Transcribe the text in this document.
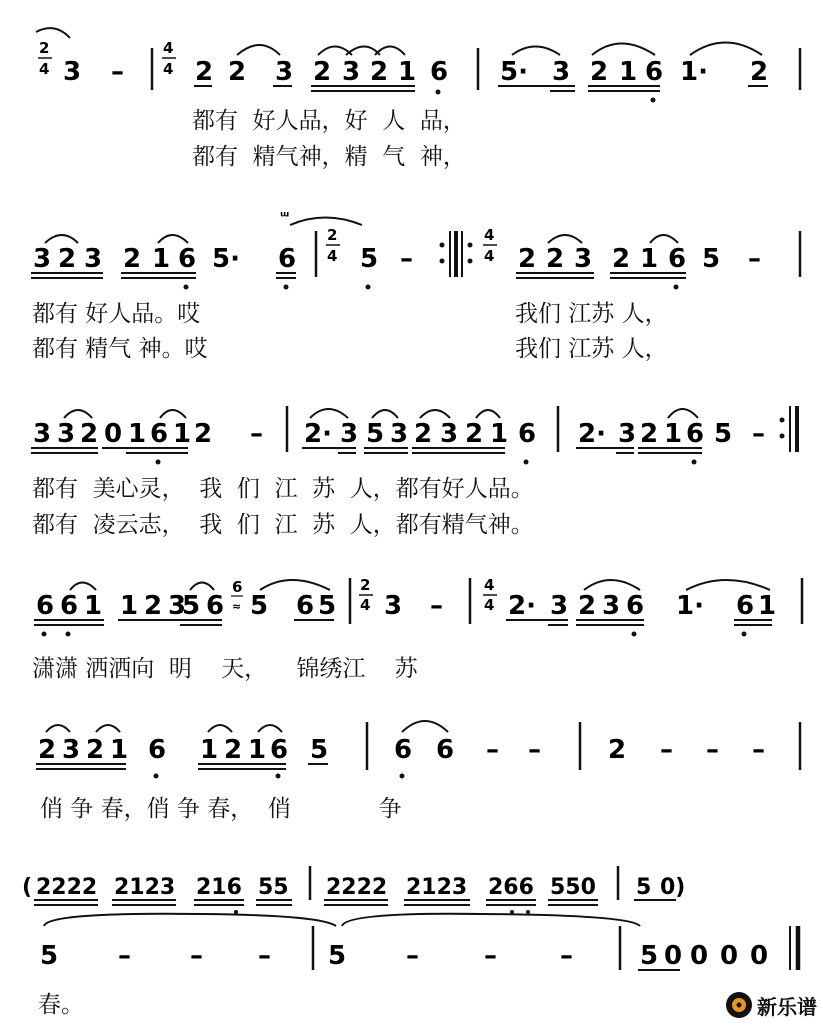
2
4 3 –
4
4 2 2 3 2 3 2 1 6 5· 3 2 1 6 1· 2
都有  好人品，好  人  品，
都有  精气神，精  气  神，
3 2 3 2 1 6 5· 6
ᵚ
2
4 5 –
4
4 2 2 3 2 1 6 5 –
都有 好人品。哎	我们 江苏 人，
都有 精气 神。哎	我们 江苏 人，
3 3 2 0 1 6 1 2 – 2· 3 5 3 2 3 2 1 6 2· 3 2 1 6 5 –
都有  美心灵，  我  们  江  苏  人，都有好人品。
都有  凌云志，  我  们  江  苏  人，都有精气神。
6 6 1 1 2 3
5 6
6
≈ 5 6 5
2
4 3 –
4
4 2· 3 2 3 6 1· 6 1
潇潇 洒洒向  明    天，    锦绣江    苏
2 3 2 1 6 1 2 1 6 5	6 6 – –	2 – – –
俏 争 春，俏 争 春，  俏            争
( 2222 2123 216 55 2222 2123 266 550 5 0)
5 – – – 5 –	– –	5 0 0 0 0
春。	新乐谱
